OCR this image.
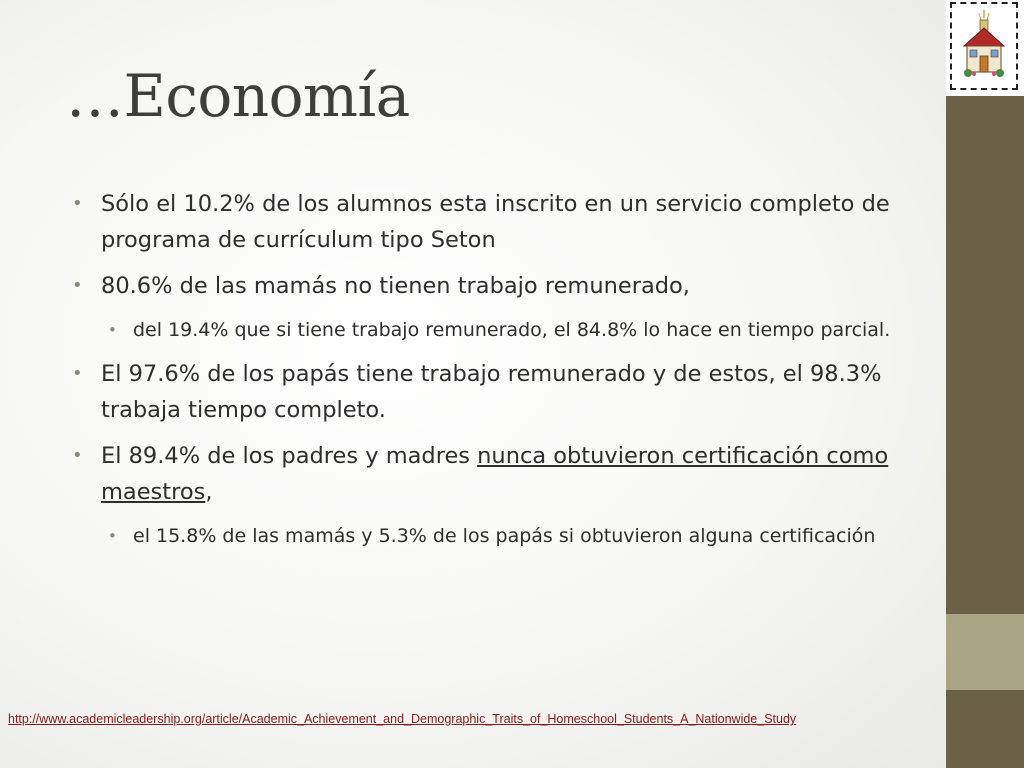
…Economía

• Sólo el 10.2% de los alumnos esta inscrito en un servicio completo de programa de currículum tipo Seton

• 80.6% de las mamás no tienen trabajo remunerado,

• del 19.4% que si tiene trabajo remunerado, el 84.8% lo hace en tiempo parcial.

• El 97.6% de los papás tiene trabajo remunerado y de estos, el 98.3% trabaja tiempo completo.

• El 89.4% de los padres y madres nunca obtuvieron certificación como maestros,

• el 15.8% de las mamás y 5.3% de los papás si obtuvieron alguna certificación

http://www.academicleadership.org/article/Academic_Achievement_and_Demographic_Traits_of_Homeschool_Students_A_Nationwide_Study
